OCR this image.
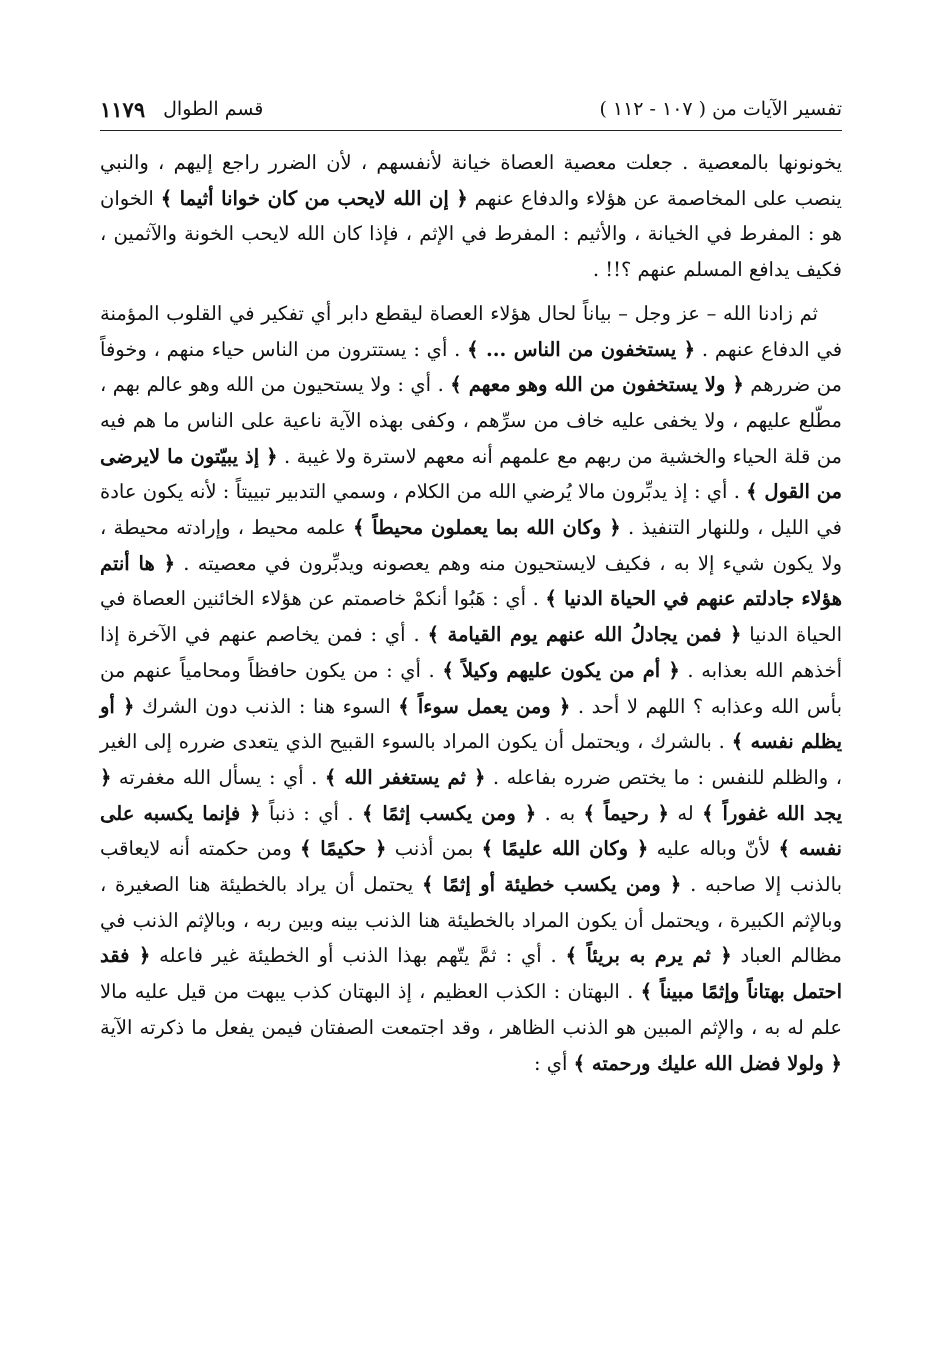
تفسير الآيات من ( ١٠٧ - ١١٢ )
قسم الطوال
١١٧٩

يخونونها بالمعصية . جعلت معصية العصاة خيانة لأنفسهم ، لأن الضرر راجع إليهم ، والنبي ينصب على المخاصمة عن هؤلاء والدفاع عنهم ﴿ إن الله لايحب من كان خوانا أثيما ﴾ الخوان هو : المفرط في الخيانة ، والأثيم : المفرط في الإثم ، فإذا كان الله لايحب الخونة والآثمين ، فكيف يدافع المسلم عنهم ؟!! .

ثم زادنا الله – عز وجل – بياناً لحال هؤلاء العصاة ليقطع دابر أي تفكير في القلوب المؤمنة في الدفاع عنهم . ﴿ يستخفون من الناس ... ﴾ . أي : يستترون من الناس حياء منهم ، وخوفاً من ضررهم ﴿ ولا يستخفون من الله وهو معهم ﴾ . أي : ولا يستحيون من الله وهو عالم بهم ، مطّلع عليهم ، ولا يخفى عليه خاف من سرِّهم ، وكفى بهذه الآية ناعية على الناس ما هم فيه من قلة الحياء والخشية من ربهم مع علمهم أنه معهم لاسترة ولا غيبة . ﴿ إذ يبيّتون ما لايرضى من القول ﴾ . أي : إذ يدبِّرون مالا يُرضي الله من الكلام ، وسمي التدبير تبييتاً : لأنه يكون عادة في الليل ، وللنهار التنفيذ . ﴿ وكان الله بما يعملون محيطاً ﴾ علمه محيط ، وإرادته محيطة ، ولا يكون شيء إلا به ، فكيف لايستحيون منه وهم يعصونه ويدبِّرون في معصيته . ﴿ ها أنتم هؤلاء جادلتم عنهم في الحياة الدنيا ﴾ . أي : هَبُوا أنكمْ خاصمتم عن هؤلاء الخائنين العصاة في الحياة الدنيا ﴿ فمن يجادلُ الله عنهم يوم القيامة ﴾ . أي : فمن يخاصم عنهم في الآخرة إذا أخذهم الله بعذابه . ﴿ أم من يكون عليهم وكيلاً ﴾ . أي : من يكون حافظاً ومحامياً عنهم من بأس الله وعذابه ؟ اللهم لا أحد . ﴿ ومن يعمل سوءاً ﴾ السوء هنا : الذنب دون الشرك ﴿ أو يظلم نفسه ﴾ . بالشرك ، ويحتمل أن يكون المراد بالسوء القبيح الذي يتعدى ضرره إلى الغير ، والظلم للنفس : ما يختص ضرره بفاعله . ﴿ ثم يستغفر الله ﴾ . أي : يسأل الله مغفرته ﴿ يجد الله غفوراً ﴾ له ﴿ رحيماً ﴾ به . ﴿ ومن يكسب إثمًا ﴾ . أي : ذنباً ﴿ فإنما يكسبه على نفسه ﴾ لأنّ وباله عليه ﴿ وكان الله عليمًا ﴾ بمن أذنب ﴿ حكيمًا ﴾ ومن حكمته أنه لايعاقب بالذنب إلا صاحبه . ﴿ ومن يكسب خطيئة أو إثمًا ﴾ يحتمل أن يراد بالخطيئة هنا الصغيرة ، وبالإثم الكبيرة ، ويحتمل أن يكون المراد بالخطيئة هنا الذنب بينه وبين ربه ، وبالإثم الذنب في مظالم العباد ﴿ ثم يرم به بريئاً ﴾ . أي : ثمَّ يتّهم بهذا الذنب أو الخطيئة غير فاعله ﴿ فقد احتمل بهتاناً وإثمًا مبيناً ﴾ . البهتان : الكذب العظيم ، إذ البهتان كذب يبهت من قيل عليه مالا علم له به ، والإثم المبين هو الذنب الظاهر ، وقد اجتمعت الصفتان فيمن يفعل ما ذكرته الآية ﴿ ولولا فضل الله عليك ورحمته ﴾ أي :
